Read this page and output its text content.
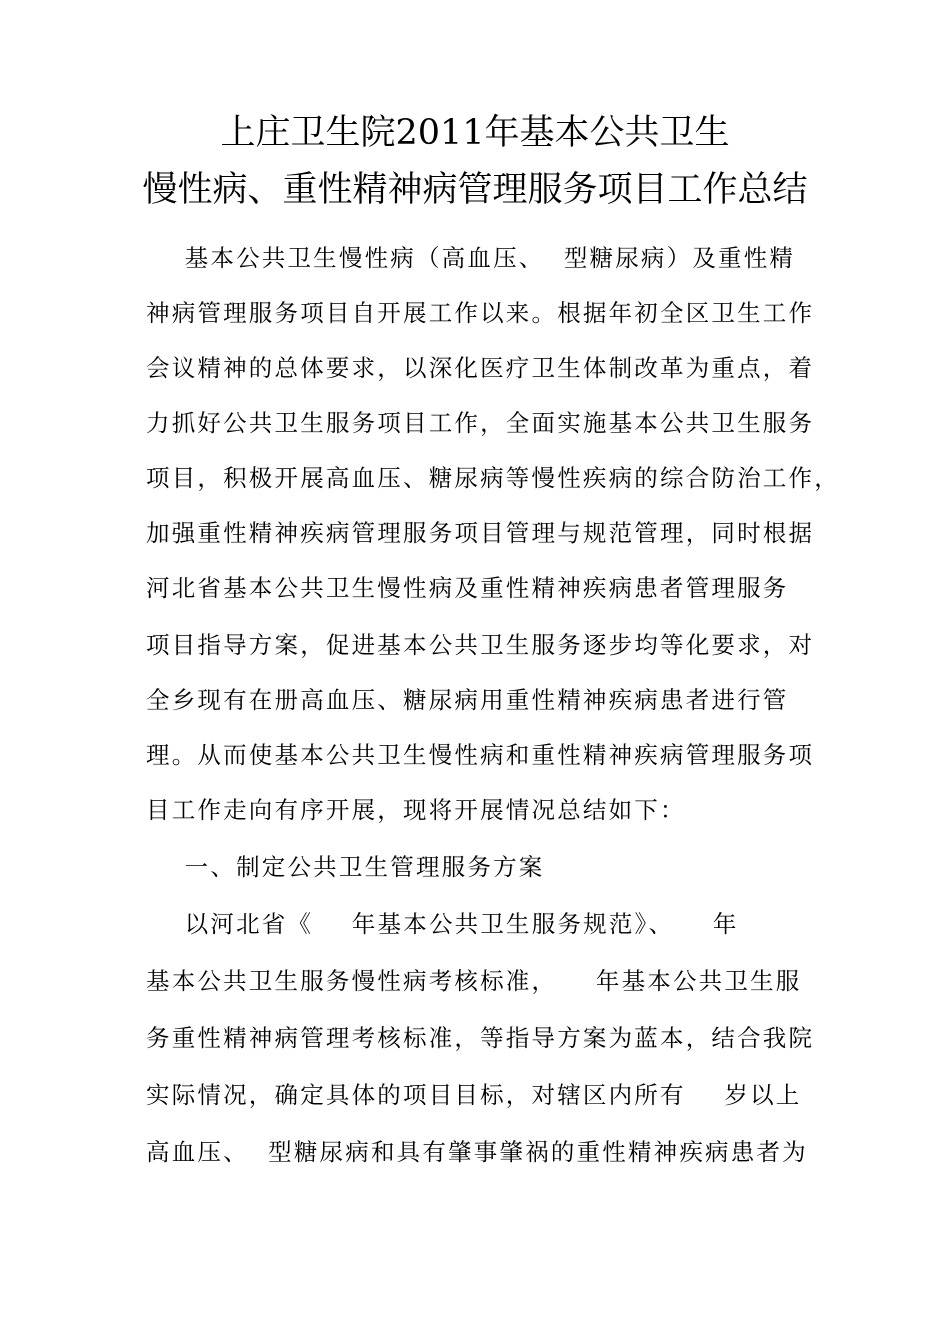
上庄卫生院2011年基本公共卫生
慢性病、重性精神病管理服务项目工作总结
基本公共卫生慢性病（高血压、  型糖尿病）及重性精
神病管理服务项目自开展工作以来。根据年初全区卫生工作
会议精神的总体要求，以深化医疗卫生体制改革为重点，着
力抓好公共卫生服务项目工作，全面实施基本公共卫生服务
项目，积极开展高血压、糖尿病等慢性疾病的综合防治工作，
加强重性精神疾病管理服务项目管理与规范管理，同时根据
河北省基本公共卫生慢性病及重性精神疾病患者管理服务
项目指导方案，促进基本公共卫生服务逐步均等化要求，对
全乡现有在册高血压、糖尿病用重性精神疾病患者进行管
理。从而使基本公共卫生慢性病和重性精神疾病管理服务项
目工作走向有序开展，现将开展情况总结如下：
一、制定公共卫生管理服务方案
以河北省《    年基本公共卫生服务规范》、    年
基本公共卫生服务慢性病考核标准，    年基本公共卫生服
务重性精神病管理考核标准，等指导方案为蓝本，结合我院
实际情况，确定具体的项目目标，对辖区内所有    岁以上
高血压、  型糖尿病和具有肇事肇祸的重性精神疾病患者为
